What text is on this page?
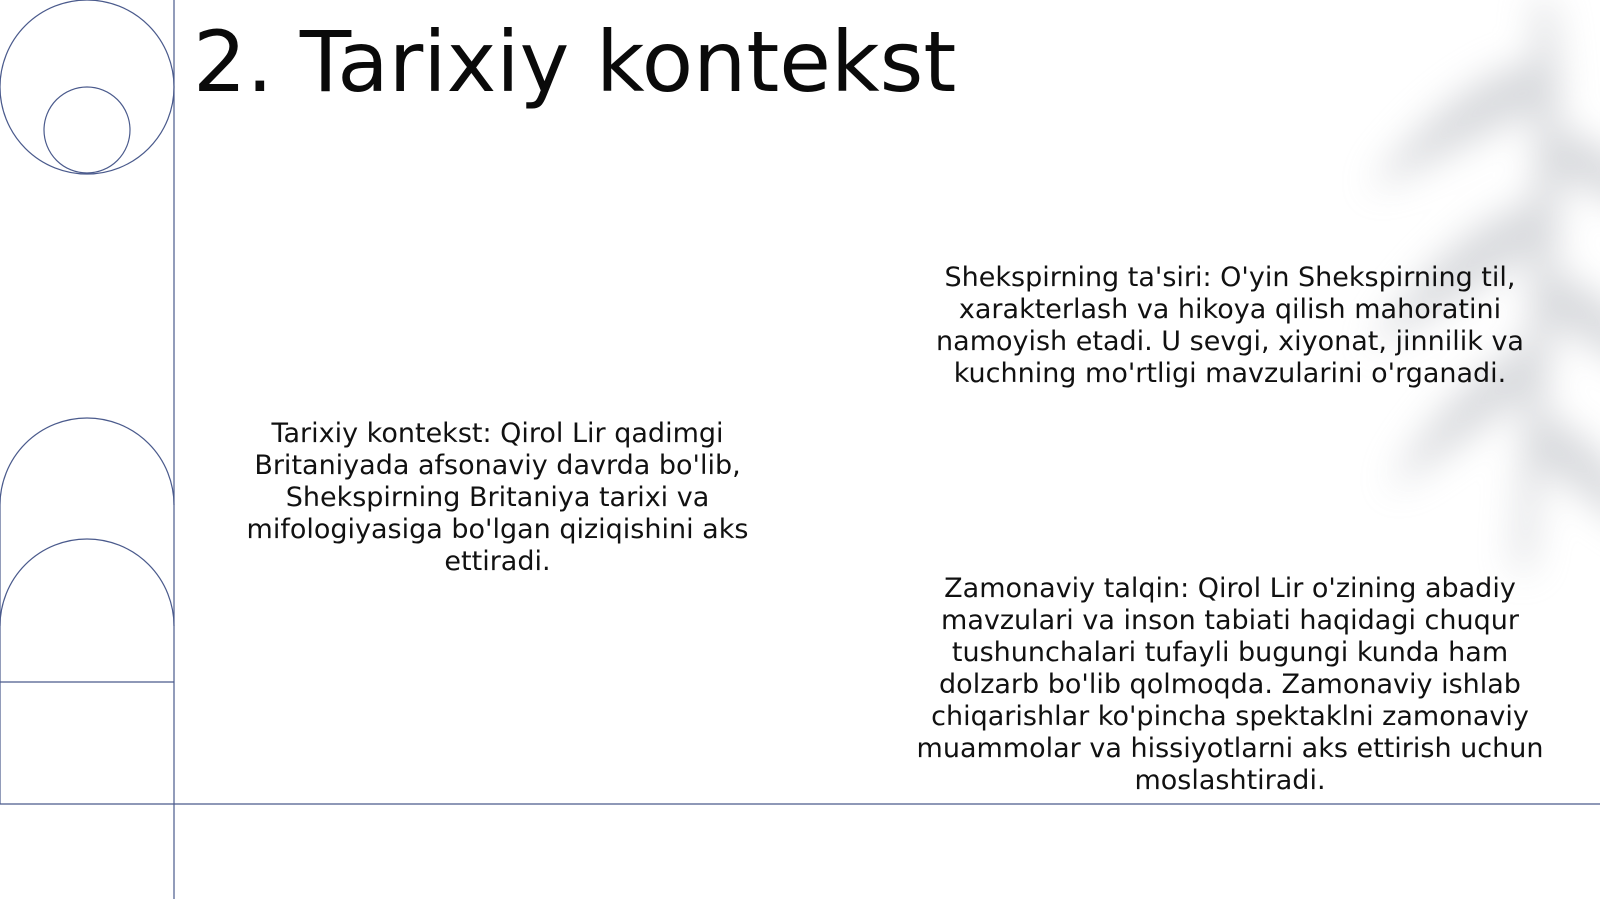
2. Tarixiy kontekst
Tarixiy kontekst: Qirol Lir qadimgi Britaniyada afsonaviy davrda bo'lib, Shekspirning Britaniya tarixi va mifologiyasiga bo'lgan qiziqishini aks ettiradi.
Shekspirning ta'siri: O'yin Shekspirning til, xarakterlash va hikoya qilish mahoratini namoyish etadi. U sevgi, xiyonat, jinnilik va kuchning mo'rtligi mavzularini o'rganadi.
Zamonaviy talqin: Qirol Lir o'zining abadiy mavzulari va inson tabiati haqidagi chuqur tushunchalari tufayli bugungi kunda ham dolzarb bo'lib qolmoqda. Zamonaviy ishlab chiqarishlar ko'pincha spektaklni zamonaviy muammolar va hissiyotlarni aks ettirish uchun moslashtiradi.
